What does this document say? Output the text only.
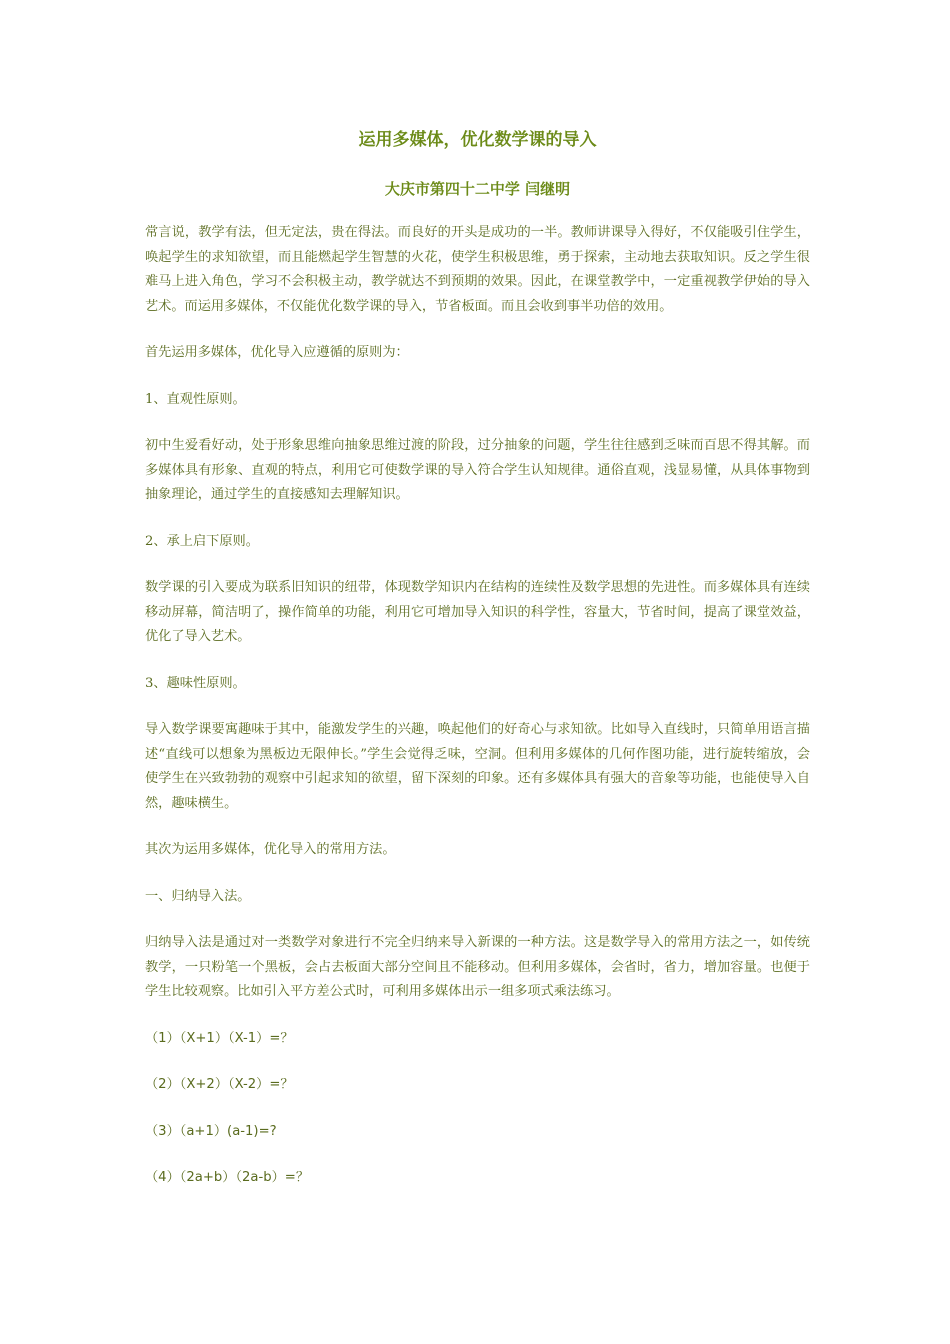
运用多媒体，优化数学课的导入
大庆市第四十二中学 闫继明

常言说，教学有法，但无定法，贵在得法。而良好的开头是成功的一半。教师讲课导入得好，不仅能吸引住学生，唤起学生的求知欲望，而且能燃起学生智慧的火花，使学生积极思维，勇于探索，主动地去获取知识。反之学生很难马上进入角色，学习不会积极主动，教学就达不到预期的效果。因此，在课堂教学中，一定重视教学伊始的导入艺术。而运用多媒体，不仅能优化数学课的导入，节省板面。而且会收到事半功倍的效用。

首先运用多媒体，优化导入应遵循的原则为：

1、直观性原则。

初中生爱看好动，处于形象思维向抽象思维过渡的阶段，过分抽象的问题，学生往往感到乏味而百思不得其解。而多媒体具有形象、直观的特点，利用它可使数学课的导入符合学生认知规律。通俗直观，浅显易懂，从具体事物到抽象理论，通过学生的直接感知去理解知识。

2、承上启下原则。

数学课的引入要成为联系旧知识的纽带，体现数学知识内在结构的连续性及数学思想的先进性。而多媒体具有连续移动屏幕，简洁明了，操作简单的功能，利用它可增加导入知识的科学性，容量大，节省时间，提高了课堂效益，优化了导入艺术。

3、趣味性原则。

导入数学课要寓趣味于其中，能激发学生的兴趣，唤起他们的好奇心与求知欲。比如导入直线时，只简单用语言描述“直线可以想象为黑板边无限伸长。”学生会觉得乏味，空洞。但利用多媒体的几何作图功能，进行旋转缩放，会使学生在兴致勃勃的观察中引起求知的欲望，留下深刻的印象。还有多媒体具有强大的音象等功能，也能使导入自然，趣味横生。

其次为运用多媒体，优化导入的常用方法。

一、归纳导入法。

归纳导入法是通过对一类数学对象进行不完全归纳来导入新课的一种方法。这是数学导入的常用方法之一，如传统教学，一只粉笔一个黑板，会占去板面大部分空间且不能移动。但利用多媒体，会省时，省力，增加容量。也便于学生比较观察。比如引入平方差公式时，可利用多媒体出示一组多项式乘法练习。

（1）（X+1）（X-1）=？

（2）（X+2）（X-2）=？

（3）（a+1）(a-1)=?

（4）（2a+b）（2a-b）=？
